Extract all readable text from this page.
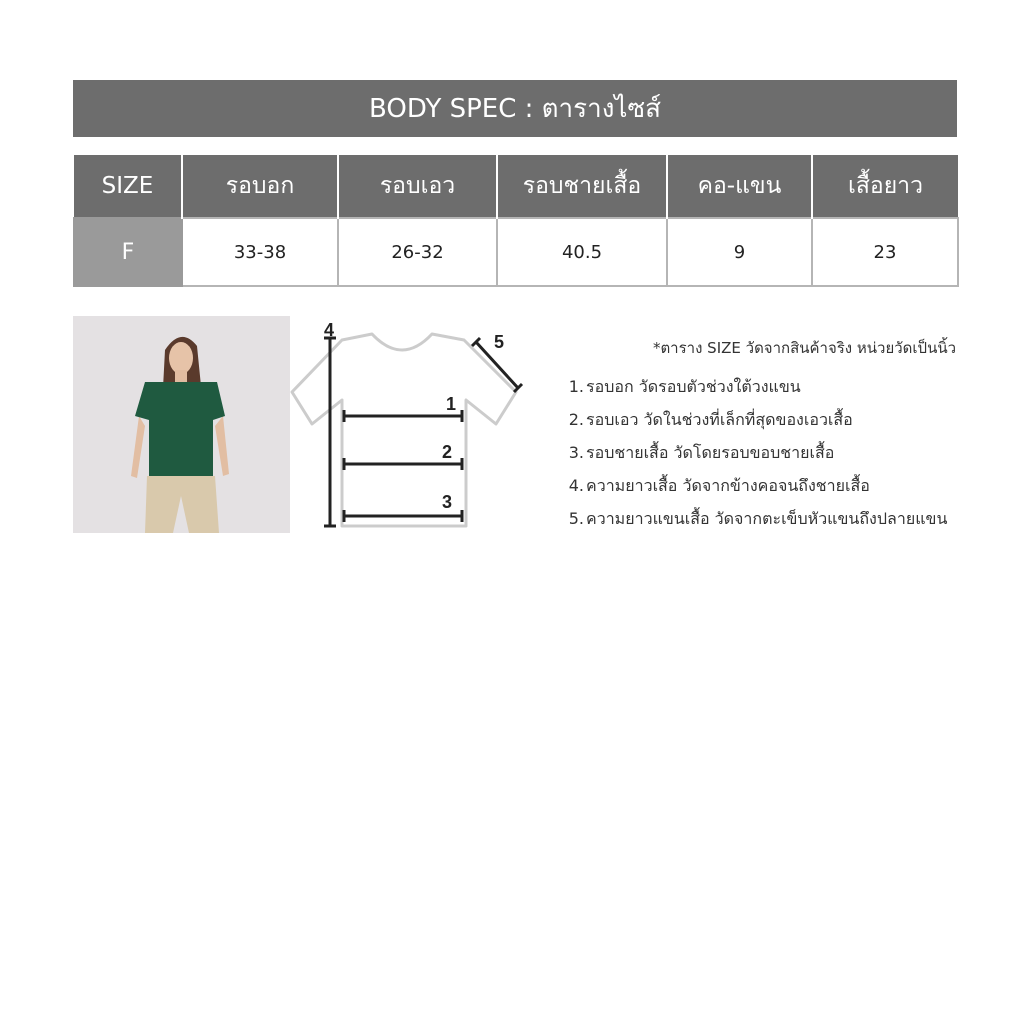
BODY SPEC : ตารางไซส์
SIZE	รอบอก	รอบเอว	รอบชายเสื้อ	คอ-แขน	เสื้อยาว
F	33-38	26-32	40.5	9	23
1
2
3
4
5	*ตาราง SIZE วัดจากสินค้าจริง หน่วยวัดเป็นนิ้ว
1. รอบอก วัดรอบตัวช่วงใต้วงแขน
2. รอบเอว วัดในช่วงที่เล็กที่สุดของเอวเสื้อ
3. รอบชายเสื้อ วัดโดยรอบขอบชายเสื้อ
4. ความยาวเสื้อ วัดจากข้างคอจนถึงชายเสื้อ
5. ความยาวแขนเสื้อ วัดจากตะเข็บหัวแขนถึงปลายแขน
